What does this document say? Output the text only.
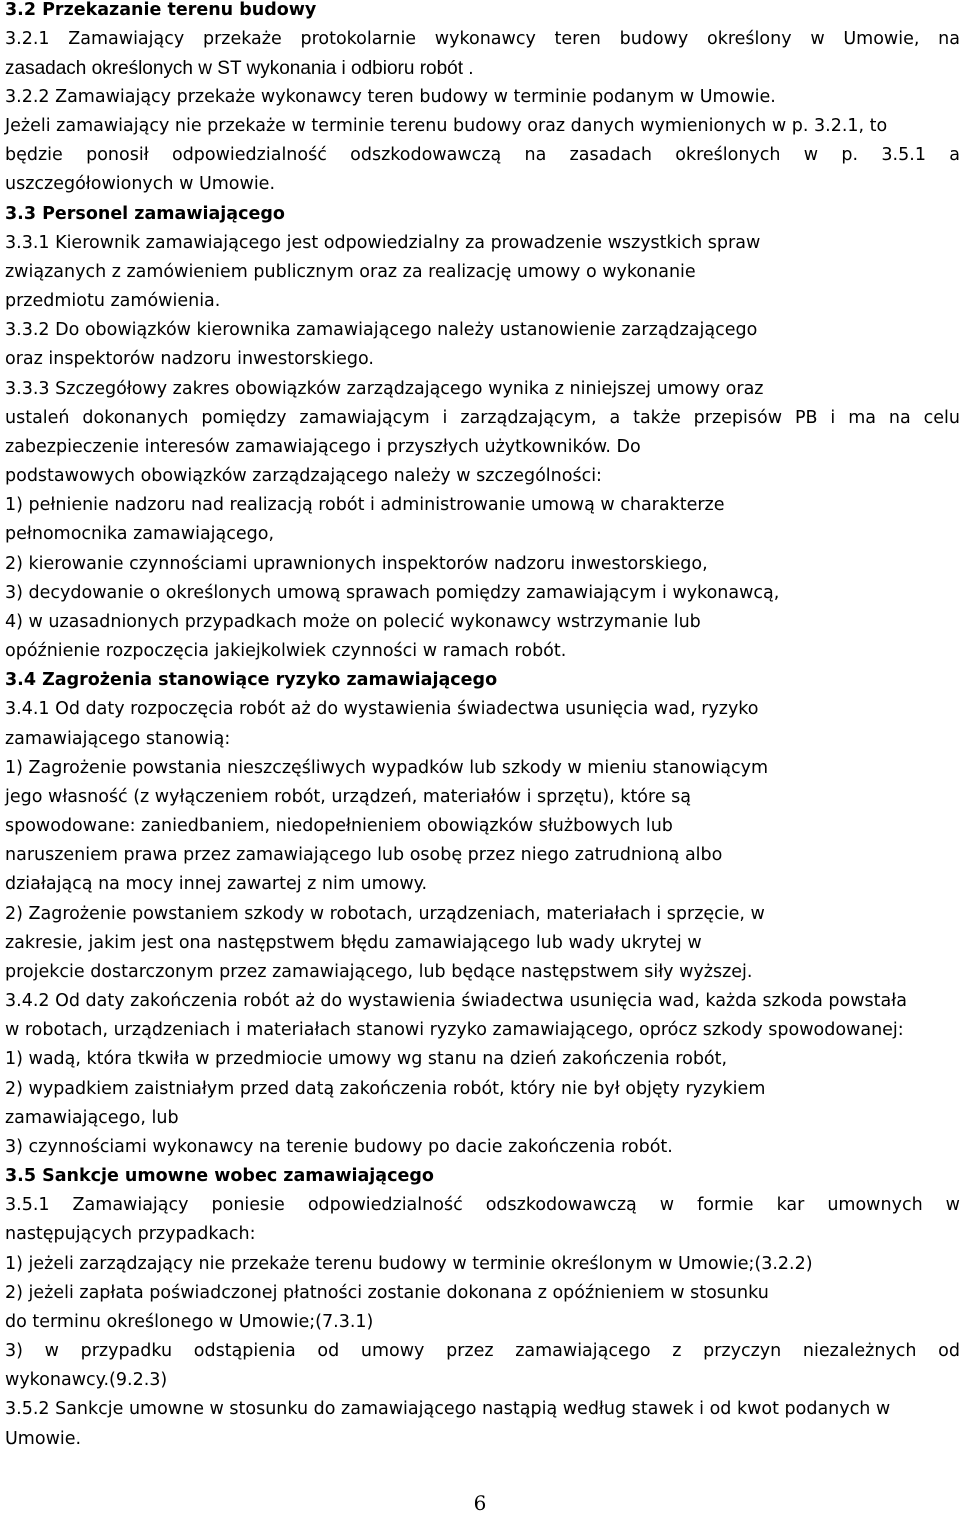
3.2 Przekazanie terenu budowy
3.2.1 Zamawiający przekaże protokolarnie wykonawcy teren budowy określony w Umowie, na
zasadach określonych w ST wykonania i odbioru robót .
3.2.2 Zamawiający przekaże wykonawcy teren budowy w terminie podanym w Umowie.
Jeżeli zamawiający nie przekaże w terminie terenu budowy oraz danych wymienionych w p. 3.2.1, to
będzie ponosił odpowiedzialność odszkodowawczą na zasadach określonych w p. 3.5.1 a
uszczegółowionych w Umowie.
3.3 Personel zamawiającego
3.3.1 Kierownik zamawiającego jest odpowiedzialny za prowadzenie wszystkich spraw
związanych z zamówieniem publicznym oraz za realizację umowy o wykonanie
przedmiotu zamówienia.
3.3.2 Do obowiązków kierownika zamawiającego należy ustanowienie zarządzającego
oraz inspektorów nadzoru inwestorskiego.
3.3.3 Szczegółowy zakres obowiązków zarządzającego wynika z niniejszej umowy oraz
ustaleń dokonanych pomiędzy zamawiającym i zarządzającym, a także przepisów PB i ma na celu
zabezpieczenie interesów zamawiającego i przyszłych użytkowników. Do
podstawowych obowiązków zarządzającego należy w szczególności:
1) pełnienie nadzoru nad realizacją robót i administrowanie umową w charakterze
pełnomocnika zamawiającego,
2) kierowanie czynnościami uprawnionych inspektorów nadzoru inwestorskiego,
3) decydowanie o określonych umową sprawach pomiędzy zamawiającym i wykonawcą,
4) w uzasadnionych przypadkach może on polecić wykonawcy wstrzymanie lub
opóźnienie rozpoczęcia jakiejkolwiek czynności w ramach robót.
3.4 Zagrożenia stanowiące ryzyko zamawiającego
3.4.1 Od daty rozpoczęcia robót aż do wystawienia świadectwa usunięcia wad, ryzyko
zamawiającego stanowią:
1) Zagrożenie powstania nieszczęśliwych wypadków lub szkody w mieniu stanowiącym
jego własność (z wyłączeniem robót, urządzeń, materiałów i sprzętu), które są
spowodowane: zaniedbaniem, niedopełnieniem obowiązków służbowych lub
naruszeniem prawa przez zamawiającego lub osobę przez niego zatrudnioną albo
działającą na mocy innej zawartej z nim umowy.
2) Zagrożenie powstaniem szkody w robotach, urządzeniach, materiałach i sprzęcie, w
zakresie, jakim jest ona następstwem błędu zamawiającego lub wady ukrytej w
projekcie dostarczonym przez zamawiającego, lub będące następstwem siły wyższej.
3.4.2 Od daty zakończenia robót aż do wystawienia świadectwa usunięcia wad, każda szkoda powstała
w robotach, urządzeniach i materiałach stanowi ryzyko zamawiającego, oprócz szkody spowodowanej:
1) wadą, która tkwiła w przedmiocie umowy wg stanu na dzień zakończenia robót,
2) wypadkiem zaistniałym przed datą zakończenia robót, który nie był objęty ryzykiem
zamawiającego, lub
3) czynnościami wykonawcy na terenie budowy po dacie zakończenia robót.
3.5 Sankcje umowne wobec zamawiającego
3.5.1 Zamawiający poniesie odpowiedzialność odszkodowawczą w formie kar umownych w
następujących przypadkach:
1) jeżeli zarządzający nie przekaże terenu budowy w terminie określonym w Umowie;(3.2.2)
2) jeżeli zapłata poświadczonej płatności zostanie dokonana z opóźnieniem w stosunku
do terminu określonego w Umowie;(7.3.1)
3) w przypadku odstąpienia od umowy przez zamawiającego z przyczyn niezależnych od
wykonawcy.(9.2.3)
3.5.2 Sankcje umowne w stosunku do zamawiającego nastąpią według stawek i od kwot podanych w
Umowie.
6
